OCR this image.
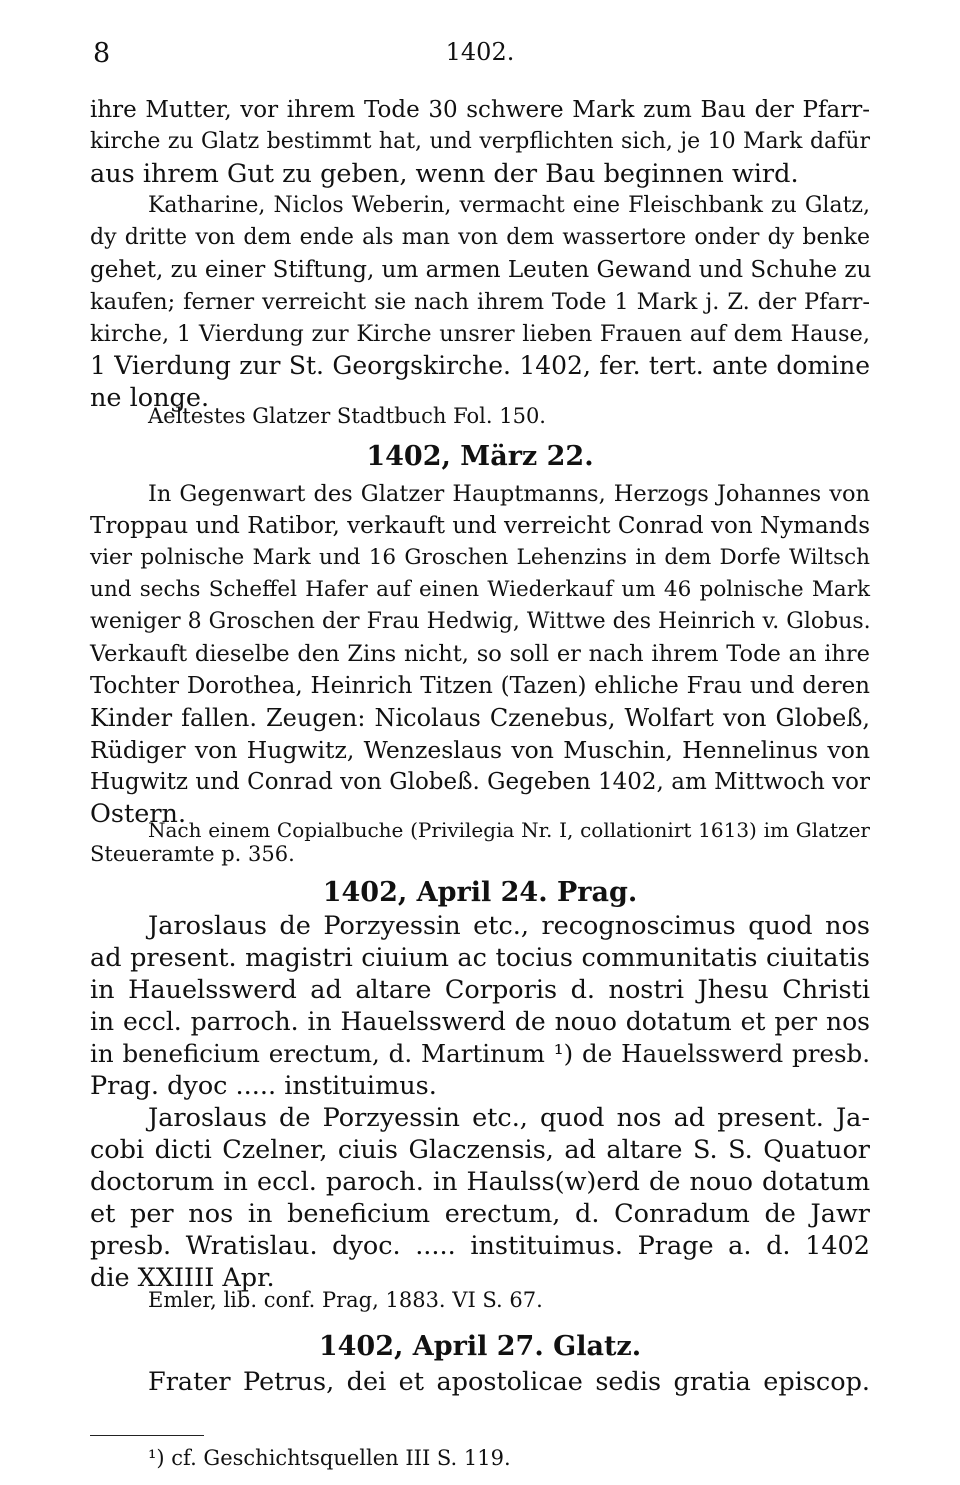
8	1402.
ihre Mutter, vor ihrem Tode 30 schwere Mark zum Bau der Pfarr-
kirche zu Glatz bestimmt hat, und verpflichten sich, je 10 Mark dafür
aus ihrem Gut zu geben, wenn der Bau beginnen wird.
Katharine, Niclos Weberin, vermacht eine Fleischbank zu Glatz,
dy dritte von dem ende als man von dem wassertore onder dy benke
gehet, zu einer Stiftung, um armen Leuten Gewand und Schuhe zu
kaufen; ferner verreicht sie nach ihrem Tode 1 Mark j. Z. der Pfarr-
kirche, 1 Vierdung zur Kirche unsrer lieben Frauen auf dem Hause,
1 Vierdung zur St. Georgskirche. 1402, fer. tert. ante domine
ne longe.
Aeltestes Glatzer Stadtbuch Fol. 150.
1402, März 22.
In Gegenwart des Glatzer Hauptmanns, Herzogs Johannes von
Troppau und Ratibor, verkauft und verreicht Conrad von Nymands
vier polnische Mark und 16 Groschen Lehenzins in dem Dorfe Wiltsch
und sechs Scheffel Hafer auf einen Wiederkauf um 46 polnische Mark
weniger 8 Groschen der Frau Hedwig, Wittwe des Heinrich v. Globus.
Verkauft dieselbe den Zins nicht, so soll er nach ihrem Tode an ihre
Tochter Dorothea, Heinrich Titzen (Tazen) ehliche Frau und deren
Kinder fallen. Zeugen: Nicolaus Czenebus, Wolfart von Globeß,
Rüdiger von Hugwitz, Wenzeslaus von Muschin, Hennelinus von
Hugwitz und Conrad von Globeß. Gegeben 1402, am Mittwoch vor
Ostern.
Nach einem Copialbuche (Privilegia Nr. I, collationirt 1613) im Glatzer
Steueramte p. 356.
1402, April 24. Prag.
Jaroslaus de Porzyessin etc., recognoscimus quod nos
ad present. magistri ciuium ac tocius communitatis ciuitatis
in Hauelsswerd ad altare Corporis d. nostri Jhesu Christi
in eccl. parroch. in Hauelsswerd de nouo dotatum et per nos
in beneficium erectum, d. Martinum ¹) de Hauelsswerd presb.
Prag. dyoc ..... instituimus.
Jaroslaus de Porzyessin etc., quod nos ad present. Ja-
cobi dicti Czelner, ciuis Glaczensis, ad altare S. S. Quatuor
doctorum in eccl. paroch. in Haulss(w)erd de nouo dotatum
et per nos in beneficium erectum, d. Conradum de Jawr
presb. Wratislau. dyoc. ..... instituimus. Prage a. d. 1402
die XXIIII Apr.
Emler, lib. conf. Prag, 1883. VI S. 67.
1402, April 27. Glatz.
Frater Petrus, dei et apostolicae sedis gratia episcop.
¹) cf. Geschichtsquellen III S. 119.
